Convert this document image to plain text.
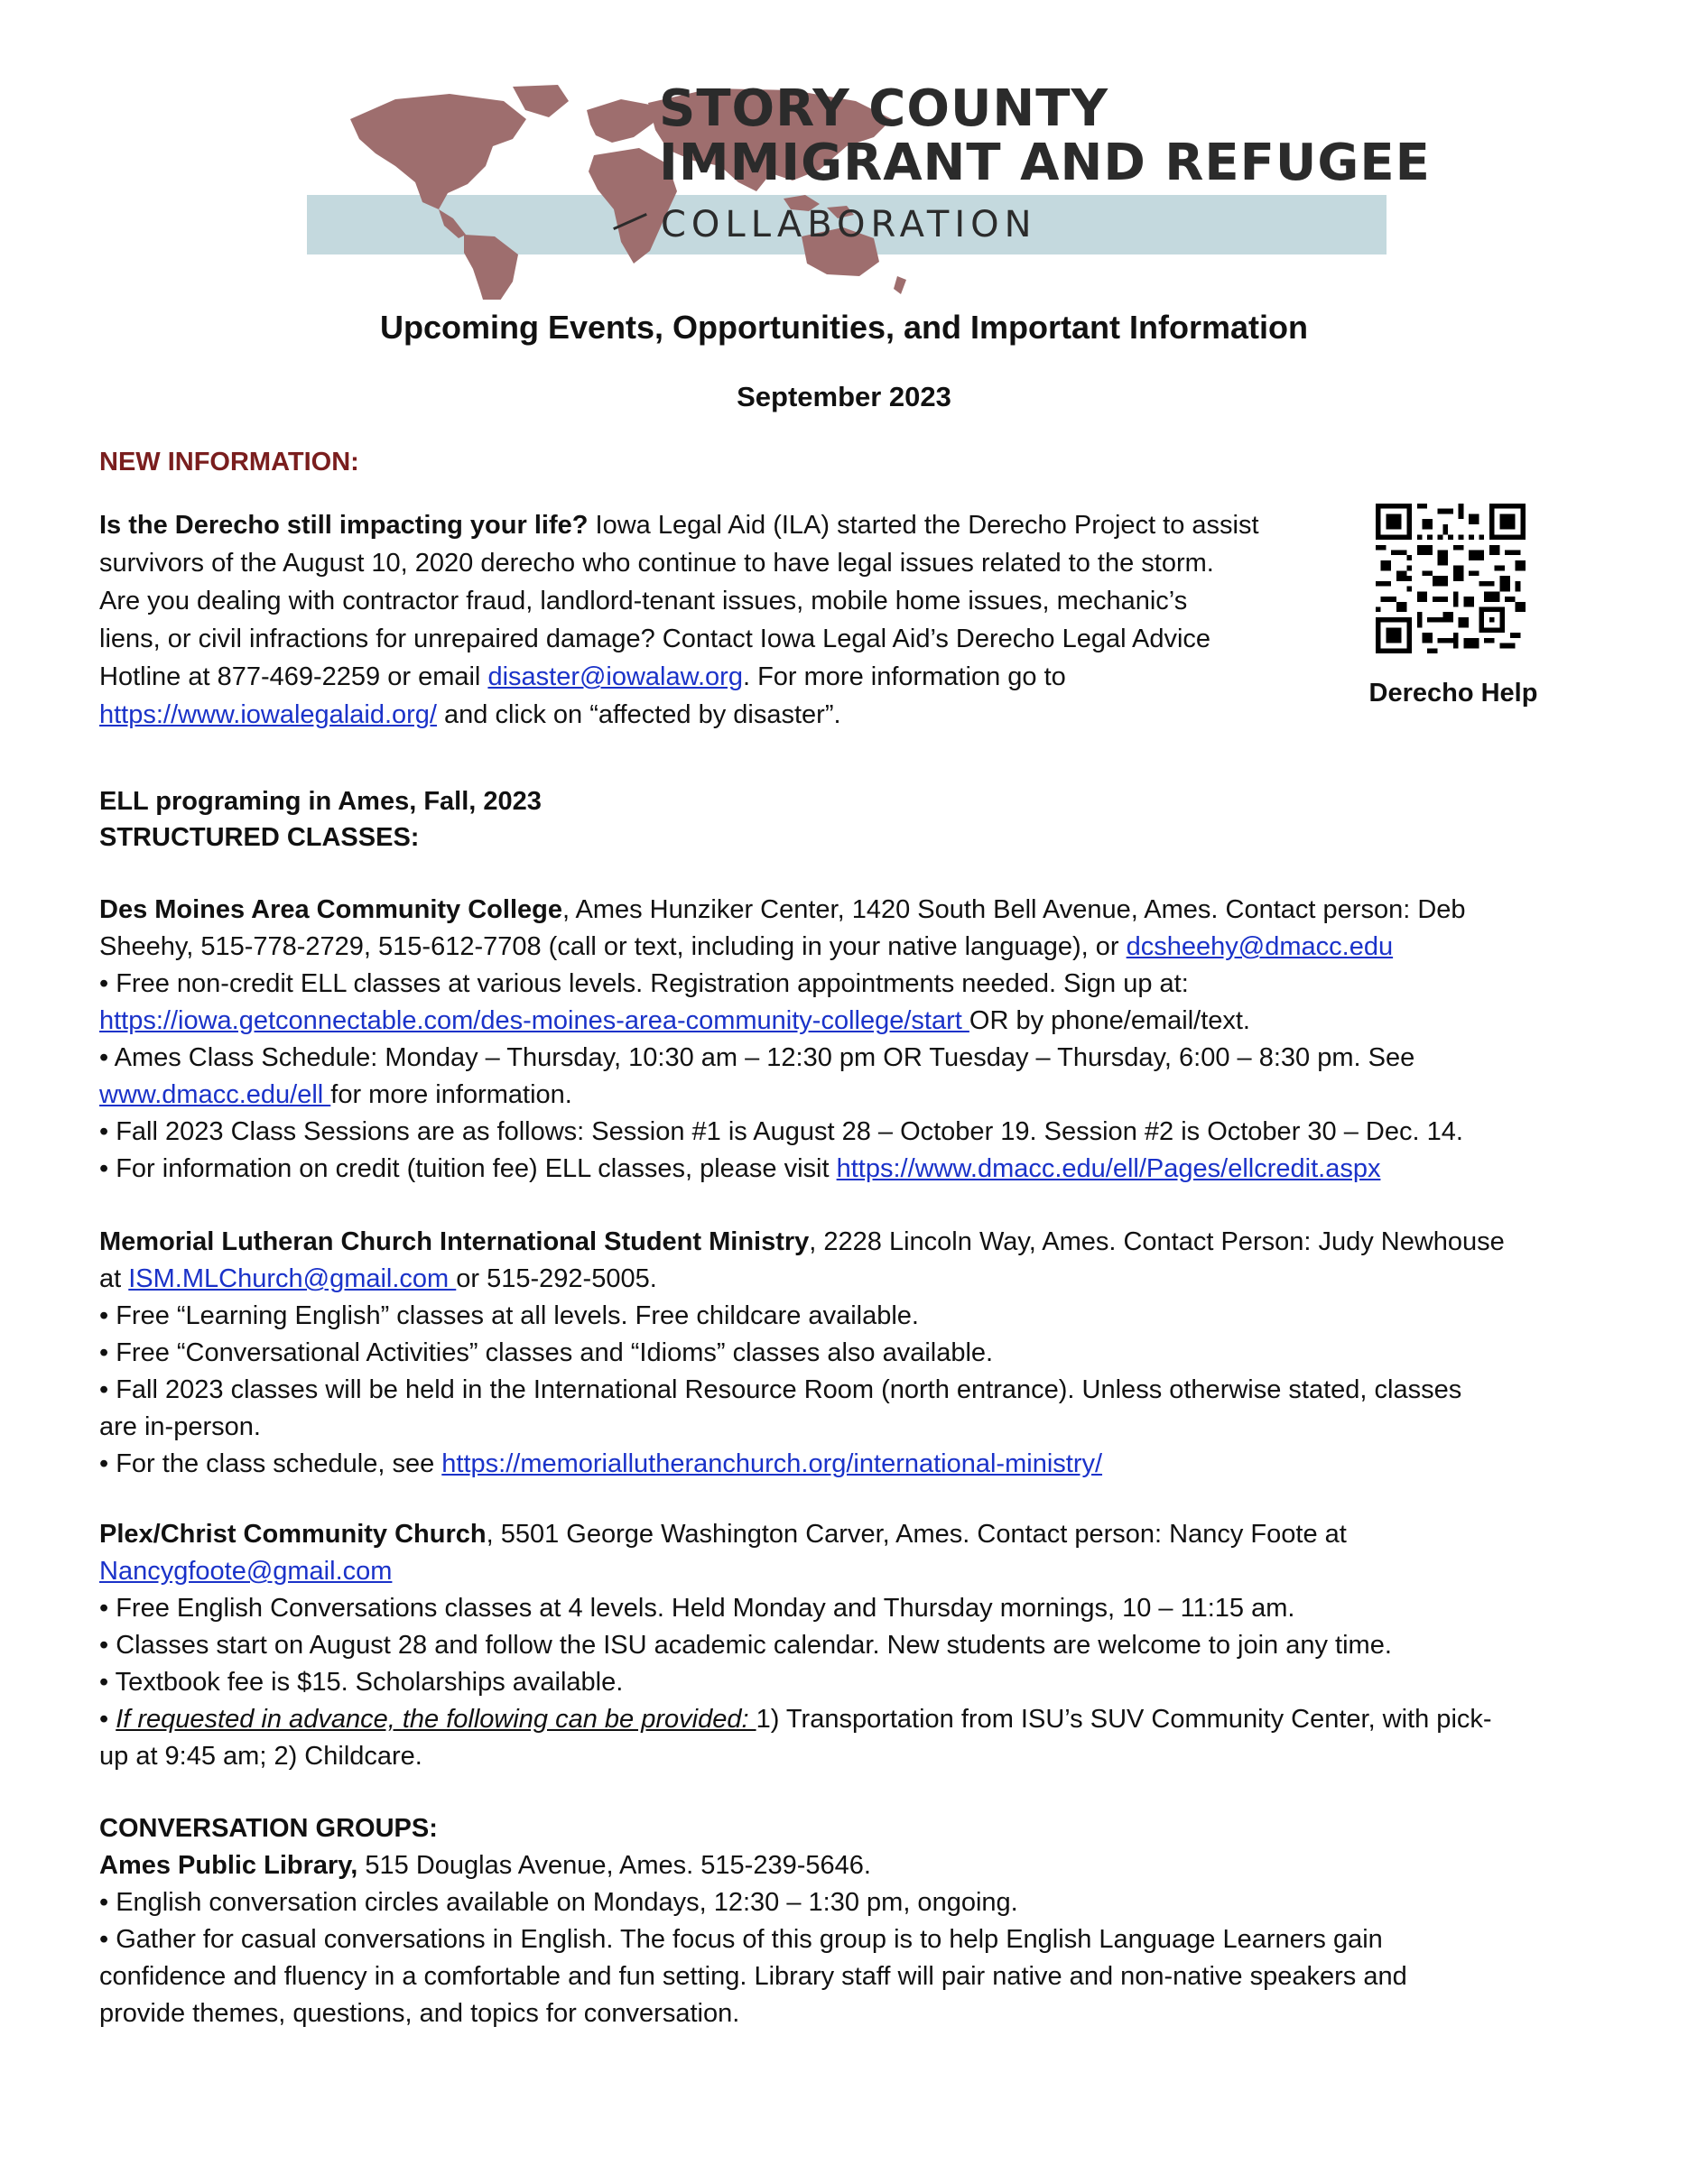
STORY COUNTY
IMMIGRANT AND REFUGEE
COLLABORATION
Upcoming Events, Opportunities, and Important Information
September 2023
NEW INFORMATION:
Is the Derecho still impacting your life? Iowa Legal Aid (ILA) started the Derecho Project to assist
survivors of the August 10, 2020 derecho who continue to have legal issues related to the storm.
Are you dealing with contractor fraud, landlord-tenant issues, mobile home issues, mechanic’s
liens, or civil infractions for unrepaired damage? Contact Iowa Legal Aid’s Derecho Legal Advice
Hotline at 877-469-2259 or email disaster@iowalaw.org. For more information go to
https://www.iowalegalaid.org/ and click on “affected by disaster”.
Derecho Help
ELL programing in Ames, Fall, 2023
STRUCTURED CLASSES:
Des Moines Area Community College, Ames Hunziker Center, 1420 South Bell Avenue, Ames. Contact person: Deb
Sheehy, 515-778-2729, 515-612-7708 (call or text, including in your native language), or dcsheehy@dmacc.edu
• Free non-credit ELL classes at various levels. Registration appointments needed. Sign up at:
https://iowa.getconnectable.com/des-moines-area-community-college/start OR by phone/email/text.
• Ames Class Schedule: Monday – Thursday, 10:30 am – 12:30 pm OR Tuesday – Thursday, 6:00 – 8:30 pm. See
www.dmacc.edu/ell for more information.
• Fall 2023 Class Sessions are as follows: Session #1 is August 28 – October 19. Session #2 is October 30 – Dec. 14.
• For information on credit (tuition fee) ELL classes, please visit https://www.dmacc.edu/ell/Pages/ellcredit.aspx
Memorial Lutheran Church International Student Ministry, 2228 Lincoln Way, Ames. Contact Person: Judy Newhouse
at ISM.MLChurch@gmail.com or 515-292-5005.
• Free “Learning English” classes at all levels. Free childcare available.
• Free “Conversational Activities” classes and “Idioms” classes also available.
• Fall 2023 classes will be held in the International Resource Room (north entrance). Unless otherwise stated, classes
are in-person.
• For the class schedule, see https://memoriallutheranchurch.org/international-ministry/
Plex/Christ Community Church, 5501 George Washington Carver, Ames. Contact person: Nancy Foote at
Nancygfoote@gmail.com
• Free English Conversations classes at 4 levels. Held Monday and Thursday mornings, 10 – 11:15 am.
• Classes start on August 28 and follow the ISU academic calendar. New students are welcome to join any time.
• Textbook fee is $15. Scholarships available.
• If requested in advance, the following can be provided: 1) Transportation from ISU’s SUV Community Center, with pick-
up at 9:45 am; 2) Childcare.
CONVERSATION GROUPS:
Ames Public Library, 515 Douglas Avenue, Ames. 515-239-5646.
• English conversation circles available on Mondays, 12:30 – 1:30 pm, ongoing.
• Gather for casual conversations in English. The focus of this group is to help English Language Learners gain
confidence and fluency in a comfortable and fun setting. Library staff will pair native and non-native speakers and
provide themes, questions, and topics for conversation.
